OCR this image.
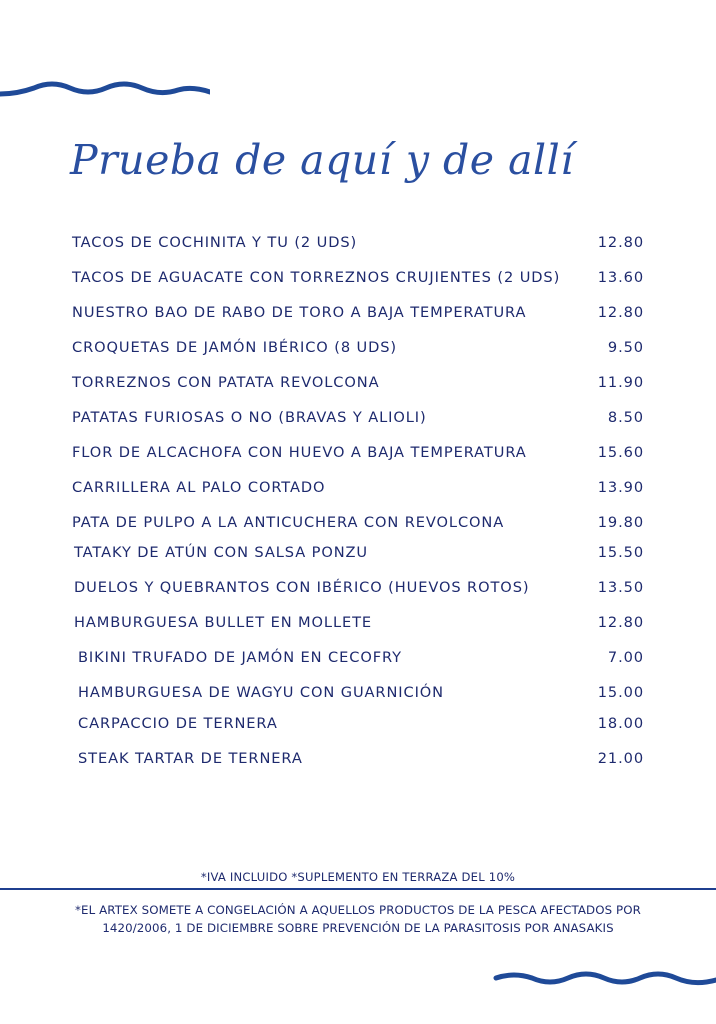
Prueba de aquí y de allí
TACOS DE COCHINITA Y TU (2 UDS)	12.80
TACOS DE AGUACATE CON TORREZNOS CRUJIENTES (2 UDS)	13.60
NUESTRO BAO DE RABO DE TORO A BAJA TEMPERATURA	12.80
CROQUETAS DE JAMÓN IBÉRICO (8 UDS)	9.50
TORREZNOS CON PATATA REVOLCONA	11.90
PATATAS FURIOSAS O NO (BRAVAS Y ALIOLI)	8.50
FLOR DE ALCACHOFA CON HUEVO A BAJA TEMPERATURA	15.60
CARRILLERA AL PALO CORTADO	13.90
PATA DE PULPO A LA ANTICUCHERA CON REVOLCONA	19.80
TATAKY DE ATÚN CON SALSA PONZU	15.50
DUELOS Y QUEBRANTOS CON IBÉRICO (HUEVOS ROTOS)	13.50
HAMBURGUESA BULLET EN MOLLETE	12.80
BIKINI TRUFADO DE JAMÓN EN CECOFRY	7.00
HAMBURGUESA DE WAGYU CON GUARNICIÓN	15.00
CARPACCIO DE TERNERA	18.00
STEAK TARTAR DE TERNERA	21.00
*IVA INCLUIDO *SUPLEMENTO EN TERRAZA DEL 10%
*EL ARTEX SOMETE A CONGELACIÓN A AQUELLOS PRODUCTOS DE LA PESCA AFECTADOS POR
1420/2006, 1 DE DICIEMBRE SOBRE PREVENCIÓN DE LA PARASITOSIS POR ANASAKIS
